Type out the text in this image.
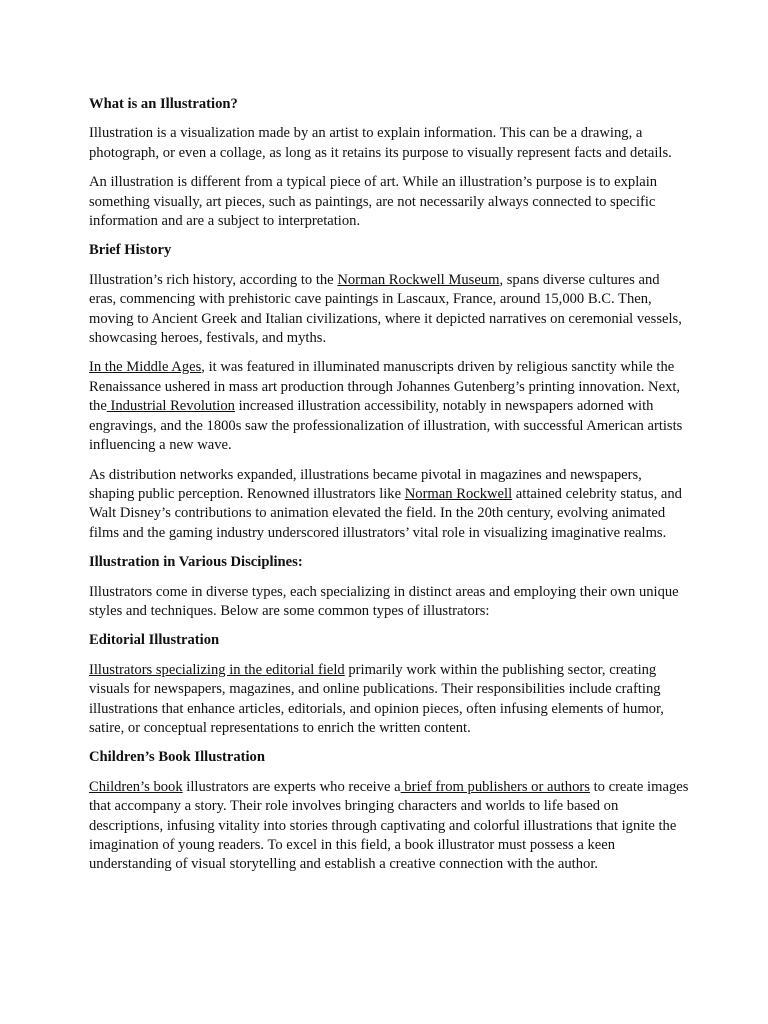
What is an Illustration?
Illustration is a visualization made by an artist to explain information. This can be a drawing, a photograph, or even a collage, as long as it retains its purpose to visually represent facts and details.
An illustration is different from a typical piece of art. While an illustration’s purpose is to explain something visually, art pieces, such as paintings, are not necessarily always connected to specific information and are a subject to interpretation.
Brief History
Illustration’s rich history, according to the Norman Rockwell Museum, spans diverse cultures and eras, commencing with prehistoric cave paintings in Lascaux, France, around 15,000 B.C. Then, moving to Ancient Greek and Italian civilizations, where it depicted narratives on ceremonial vessels, showcasing heroes, festivals, and myths.
In the Middle Ages, it was featured in illuminated manuscripts driven by religious sanctity while the Renaissance ushered in mass art production through Johannes Gutenberg’s printing innovation. Next, the Industrial Revolution increased illustration accessibility, notably in newspapers adorned with engravings, and the 1800s saw the professionalization of illustration, with successful American artists influencing a new wave.
As distribution networks expanded, illustrations became pivotal in magazines and newspapers, shaping public perception. Renowned illustrators like Norman Rockwell attained celebrity status, and Walt Disney’s contributions to animation elevated the field. In the 20th century, evolving animated films and the gaming industry underscored illustrators’ vital role in visualizing imaginative realms.
Illustration in Various Disciplines:
Illustrators come in diverse types, each specializing in distinct areas and employing their own unique styles and techniques. Below are some common types of illustrators:
Editorial Illustration
Illustrators specializing in the editorial field primarily work within the publishing sector, creating visuals for newspapers, magazines, and online publications. Their responsibilities include crafting illustrations that enhance articles, editorials, and opinion pieces, often infusing elements of humor, satire, or conceptual representations to enrich the written content.
Children’s Book Illustration
Children’s book illustrators are experts who receive a brief from publishers or authors to create images that accompany a story. Their role involves bringing characters and worlds to life based on descriptions, infusing vitality into stories through captivating and colorful illustrations that ignite the imagination of young readers. To excel in this field, a book illustrator must possess a keen understanding of visual storytelling and establish a creative connection with the author.
